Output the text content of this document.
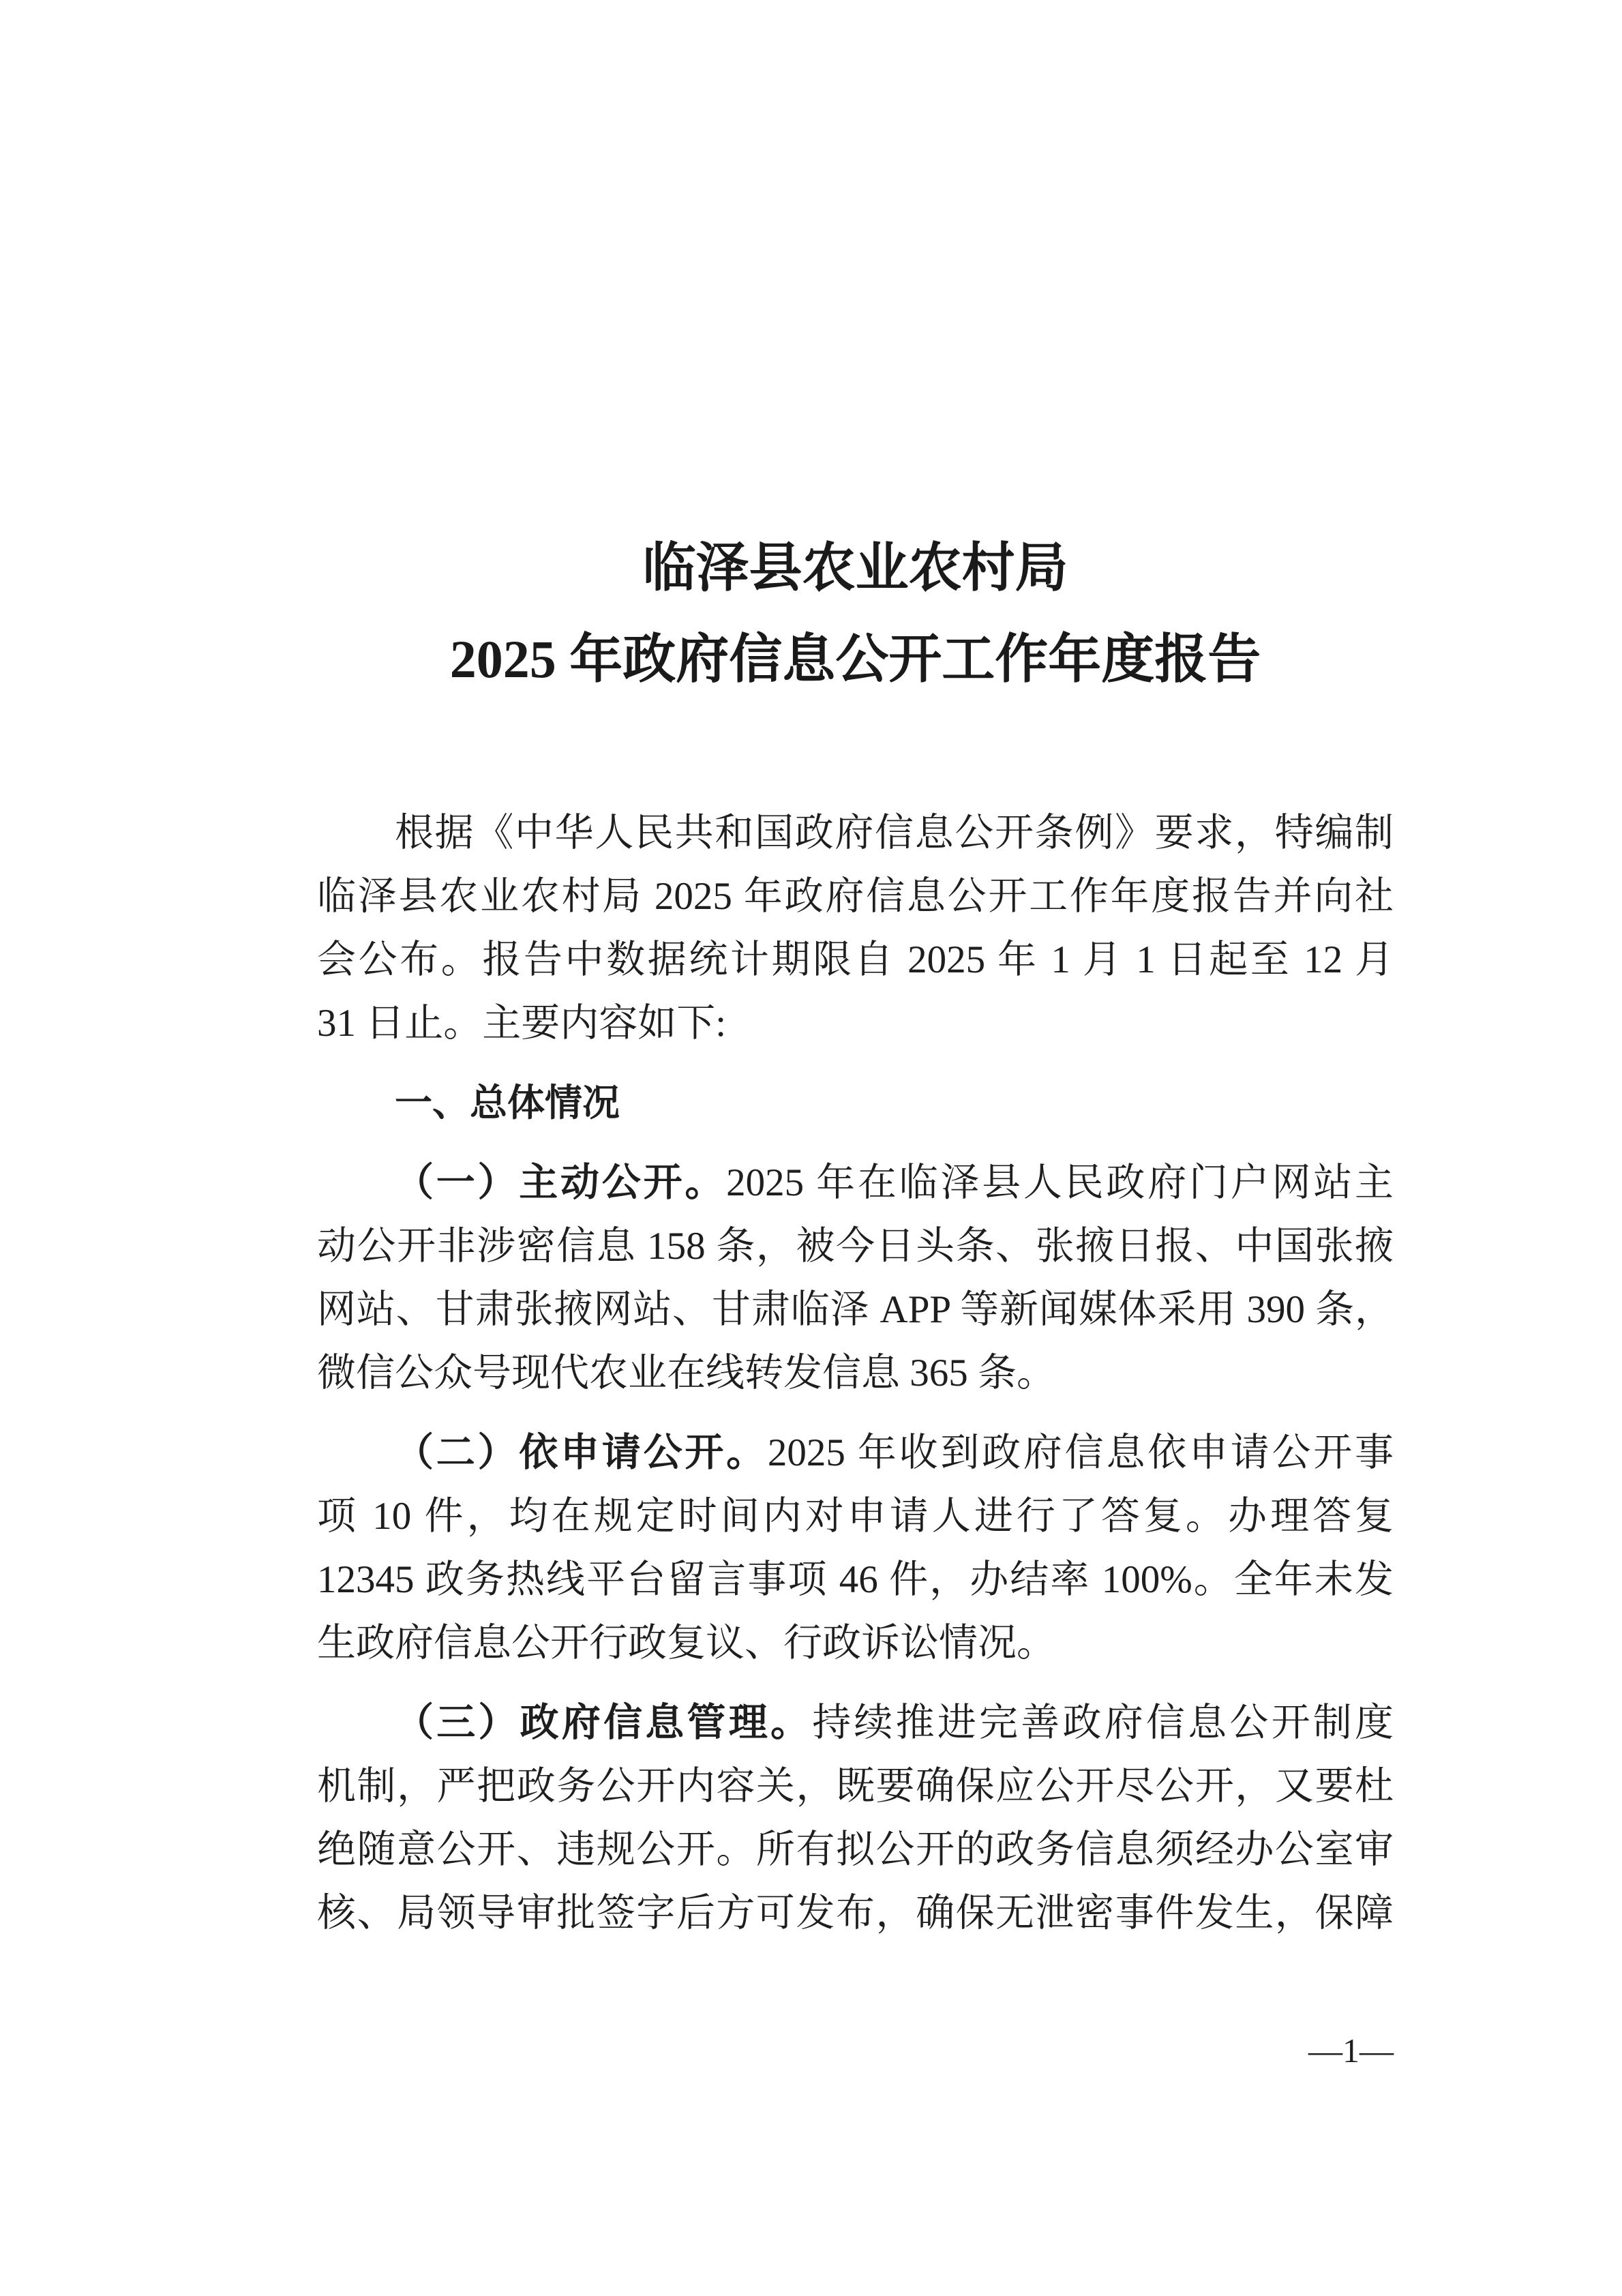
临泽县农业农村局
2025 年政府信息公开工作年度报告
根据《中华人民共和国政府信息公开条例》要求，特编制
临泽县农业农村局 2025 年政府信息公开工作年度报告并向社
会公布。报告中数据统计期限自 2025 年 1 月 1 日起至 12 月
31 日止。主要内容如下:
一、总体情况
（一）主动公开。2025 年在临泽县人民政府门户网站主
动公开非涉密信息 158 条，被今日头条、张掖日报、中国张掖
网站、甘肃张掖网站、甘肃临泽 APP 等新闻媒体采用 390 条，
微信公众号现代农业在线转发信息 365 条。
（二）依申请公开。2025 年收到政府信息依申请公开事
项 10 件，均在规定时间内对申请人进行了答复。办理答复
12345 政务热线平台留言事项 46 件，办结率 100%。全年未发
生政府信息公开行政复议、行政诉讼情况。
（三）政府信息管理。持续推进完善政府信息公开制度
机制，严把政务公开内容关，既要确保应公开尽公开，又要杜
绝随意公开、违规公开。所有拟公开的政务信息须经办公室审
核、局领导审批签字后方可发布，确保无泄密事件发生，保障
—1—
